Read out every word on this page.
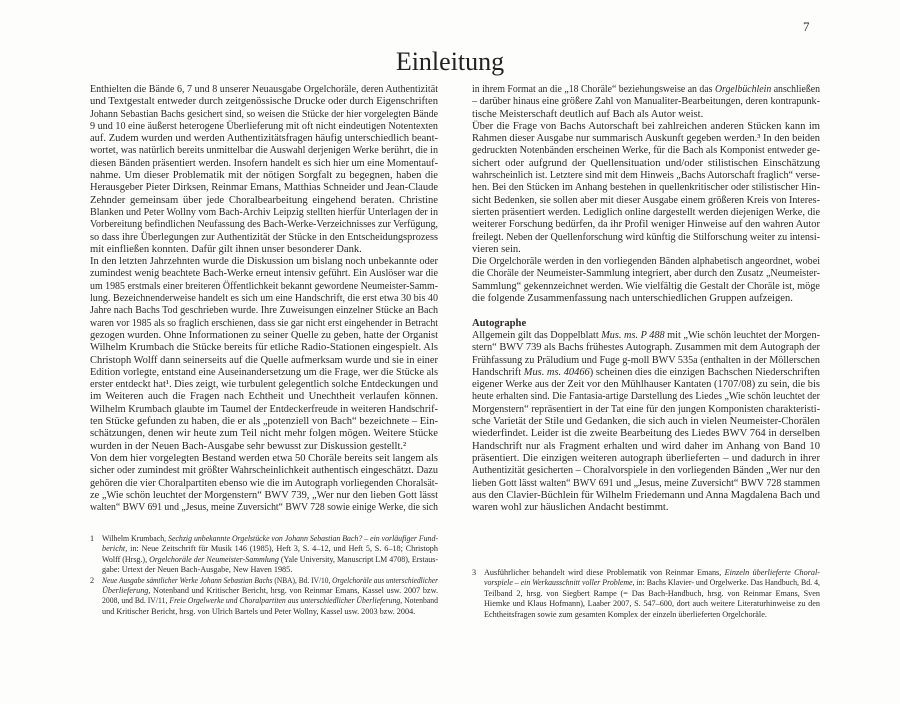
7
Einleitung
Enthielten die Bände 6, 7 und 8 unserer Neuausgabe Orgelchoräle, deren Authentizität
und Textgestalt entweder durch zeitgenössische Drucke oder durch Eigenschriften
Johann Sebastian Bachs gesichert sind, so weisen die Stücke der hier vorgelegten Bände
9 und 10 eine äußerst heterogene Überlieferung mit oft nicht eindeutigen Notentexten
auf. Zudem wurden und werden Authentizitätsfragen häufig unterschiedlich beant-
wortet, was natürlich bereits unmittelbar die Auswahl derjenigen Werke berührt, die in
diesen Bänden präsentiert werden. Insofern handelt es sich hier um eine Momentauf-
nahme. Um dieser Problematik mit der nötigen Sorgfalt zu begegnen, haben die
Herausgeber Pieter Dirksen, Reinmar Emans, Matthias Schneider und Jean-Claude
Zehnder gemeinsam über jede Choralbearbeitung eingehend beraten. Christine
Blanken und Peter Wollny vom Bach-Archiv Leipzig stellten hierfür Unterlagen der in
Vorbereitung befindlichen Neufassung des Bach-Werke-Verzeichnisses zur Verfügung,
so dass ihre Überlegungen zur Authentizität der Stücke in den Entscheidungsprozess
mit einfließen konnten. Dafür gilt ihnen unser besonderer Dank.
In den letzten Jahrzehnten wurde die Diskussion um bislang noch unbekannte oder
zumindest wenig beachtete Bach-Werke erneut intensiv geführt. Ein Auslöser war die
um 1985 erstmals einer breiteren Öffentlichkeit bekannt gewordene Neumeister-Samm-
lung. Bezeichnenderweise handelt es sich um eine Handschrift, die erst etwa 30 bis 40
Jahre nach Bachs Tod geschrieben wurde. Ihre Zuweisungen einzelner Stücke an Bach
waren vor 1985 als so fraglich erschienen, dass sie gar nicht erst eingehender in Betracht
gezogen wurden. Ohne Informationen zu seiner Quelle zu geben, hatte der Organist
Wilhelm Krumbach die Stücke bereits für etliche Radio-Stationen eingespielt. Als
Christoph Wolff dann seinerseits auf die Quelle aufmerksam wurde und sie in einer
Edition vorlegte, entstand eine Auseinandersetzung um die Frage, wer die Stücke als
erster entdeckt hat¹. Dies zeigt, wie turbulent gelegentlich solche Entdeckungen und
im Weiteren auch die Fragen nach Echtheit und Unechtheit verlaufen können.
Wilhelm Krumbach glaubte im Taumel der Entdeckerfreude in weiteren Handschrif-
ten Stücke gefunden zu haben, die er als „potenziell von Bach“ bezeichnete – Ein-
schätzungen, denen wir heute zum Teil nicht mehr folgen mögen. Weitere Stücke
wurden in der Neuen Bach-Ausgabe sehr bewusst zur Diskussion gestellt.²
Von dem hier vorgelegten Bestand werden etwa 50 Choräle bereits seit langem als
sicher oder zumindest mit größter Wahrscheinlichkeit authentisch eingeschätzt. Dazu
gehören die vier Choralpartiten ebenso wie die im Autograph vorliegenden Choralsät-
ze „Wie schön leuchtet der Morgenstern“ BWV 739, „Wer nur den lieben Gott lässt
walten“ BWV 691 und „Jesus, meine Zuversicht“ BWV 728 sowie einige Werke, die sich
in ihrem Format an die „18 Choräle“ beziehungsweise an das Orgelbüchlein anschließen
– darüber hinaus eine größere Zahl von Manualiter-Bearbeitungen, deren kontrapunk-
tische Meisterschaft deutlich auf Bach als Autor weist.
Über die Frage von Bachs Autorschaft bei zahlreichen anderen Stücken kann im
Rahmen dieser Ausgabe nur summarisch Auskunft gegeben werden.³ In den beiden
gedruckten Notenbänden erscheinen Werke, für die Bach als Komponist entweder ge-
sichert oder aufgrund der Quellensituation und/oder stilistischen Einschätzung
wahrscheinlich ist. Letztere sind mit dem Hinweis „Bachs Autorschaft fraglich“ verse-
hen. Bei den Stücken im Anhang bestehen in quellenkritischer oder stilistischer Hin-
sicht Bedenken, sie sollen aber mit dieser Ausgabe einem größeren Kreis von Interes-
sierten präsentiert werden. Lediglich online dargestellt werden diejenigen Werke, die
weiterer Forschung bedürfen, da ihr Profil weniger Hinweise auf den wahren Autor
freilegt. Neben der Quellenforschung wird künftig die Stilforschung weiter zu intensi-
vieren sein.
Die Orgelchoräle werden in den vorliegenden Bänden alphabetisch angeordnet, wobei
die Choräle der Neumeister-Sammlung integriert, aber durch den Zusatz „Neumeister-
Sammlung“ gekennzeichnet werden. Wie vielfältig die Gestalt der Choräle ist, möge
die folgende Zusammenfassung nach unterschiedlichen Gruppen aufzeigen.
Autographe
Allgemein gilt das Doppelblatt Mus. ms. P 488 mit „Wie schön leuchtet der Morgen-
stern“ BWV 739 als Bachs frühestes Autograph. Zusammen mit dem Autograph der
Frühfassung zu Präludium und Fuge g-moll BWV 535a (enthalten in der Möllerschen
Handschrift Mus. ms. 40466) scheinen dies die einzigen Bachschen Niederschriften
eigener Werke aus der Zeit vor den Mühlhauser Kantaten (1707/08) zu sein, die bis
heute erhalten sind. Die Fantasia-artige Darstellung des Liedes „Wie schön leuchtet der
Morgenstern“ repräsentiert in der Tat eine für den jungen Komponisten charakteristi-
sche Varietät der Stile und Gedanken, die sich auch in vielen Neumeister-Chorälen
wiederfindet. Leider ist die zweite Bearbeitung des Liedes BWV 764 in derselben
Handschrift nur als Fragment erhalten und wird daher im Anhang von Band 10
präsentiert. Die einzigen weiteren autograph überlieferten – und dadurch in ihrer
Authentizität gesicherten – Choralvorspiele in den vorliegenden Bänden „Wer nur den
lieben Gott lässt walten“ BWV 691 und „Jesus, meine Zuversicht“ BWV 728 stammen
aus den Clavier-Büchlein für Wilhelm Friedemann und Anna Magdalena Bach und
waren wohl zur häuslichen Andacht bestimmt.
1 Wilhelm Krumbach, Sechzig unbekannte Orgelstücke von Johann Sebastian Bach? – ein vorläufiger Fund-
bericht, in: Neue Zeitschrift für Musik 146 (1985), Heft 3, S. 4–12, und Heft 5, S. 6–18; Christoph
Wolff (Hrsg.), Orgelchoräle der Neumeister-Sammlung (Yale University, Manuscript LM 4708), Erstaus-
gabe: Urtext der Neuen Bach-Ausgabe, New Haven 1985.
2 Neue Ausgabe sämtlicher Werke Johann Sebastian Bachs (NBA), Bd. IV/10, Orgelchoräle aus unterschiedlicher
Überlieferung, Notenband und Kritischer Bericht, hrsg. von Reinmar Emans, Kassel usw. 2007 bzw.
2008, und Bd. IV/11, Freie Orgelwerke und Choralpartiten aus unterschiedlicher Überlieferung, Notenband
und Kritischer Bericht, hrsg. von Ulrich Bartels und Peter Wollny, Kassel usw. 2003 bzw. 2004.
3 Ausführlicher behandelt wird diese Problematik von Reinmar Emans, Einzeln überlieferte Choral-
vorspiele – ein Werkausschnitt voller Probleme, in: Bachs Klavier- und Orgelwerke. Das Handbuch, Bd. 4,
Teilband 2, hrsg. von Siegbert Rampe (= Das Bach-Handbuch, hrsg. von Reinmar Emans, Sven
Hiemke und Klaus Hofmann), Laaber 2007, S. 547–600, dort auch weitere Literaturhinweise zu den
Echtheitsfragen sowie zum gesamten Komplex der einzeln überlieferten Orgelchoräle.
